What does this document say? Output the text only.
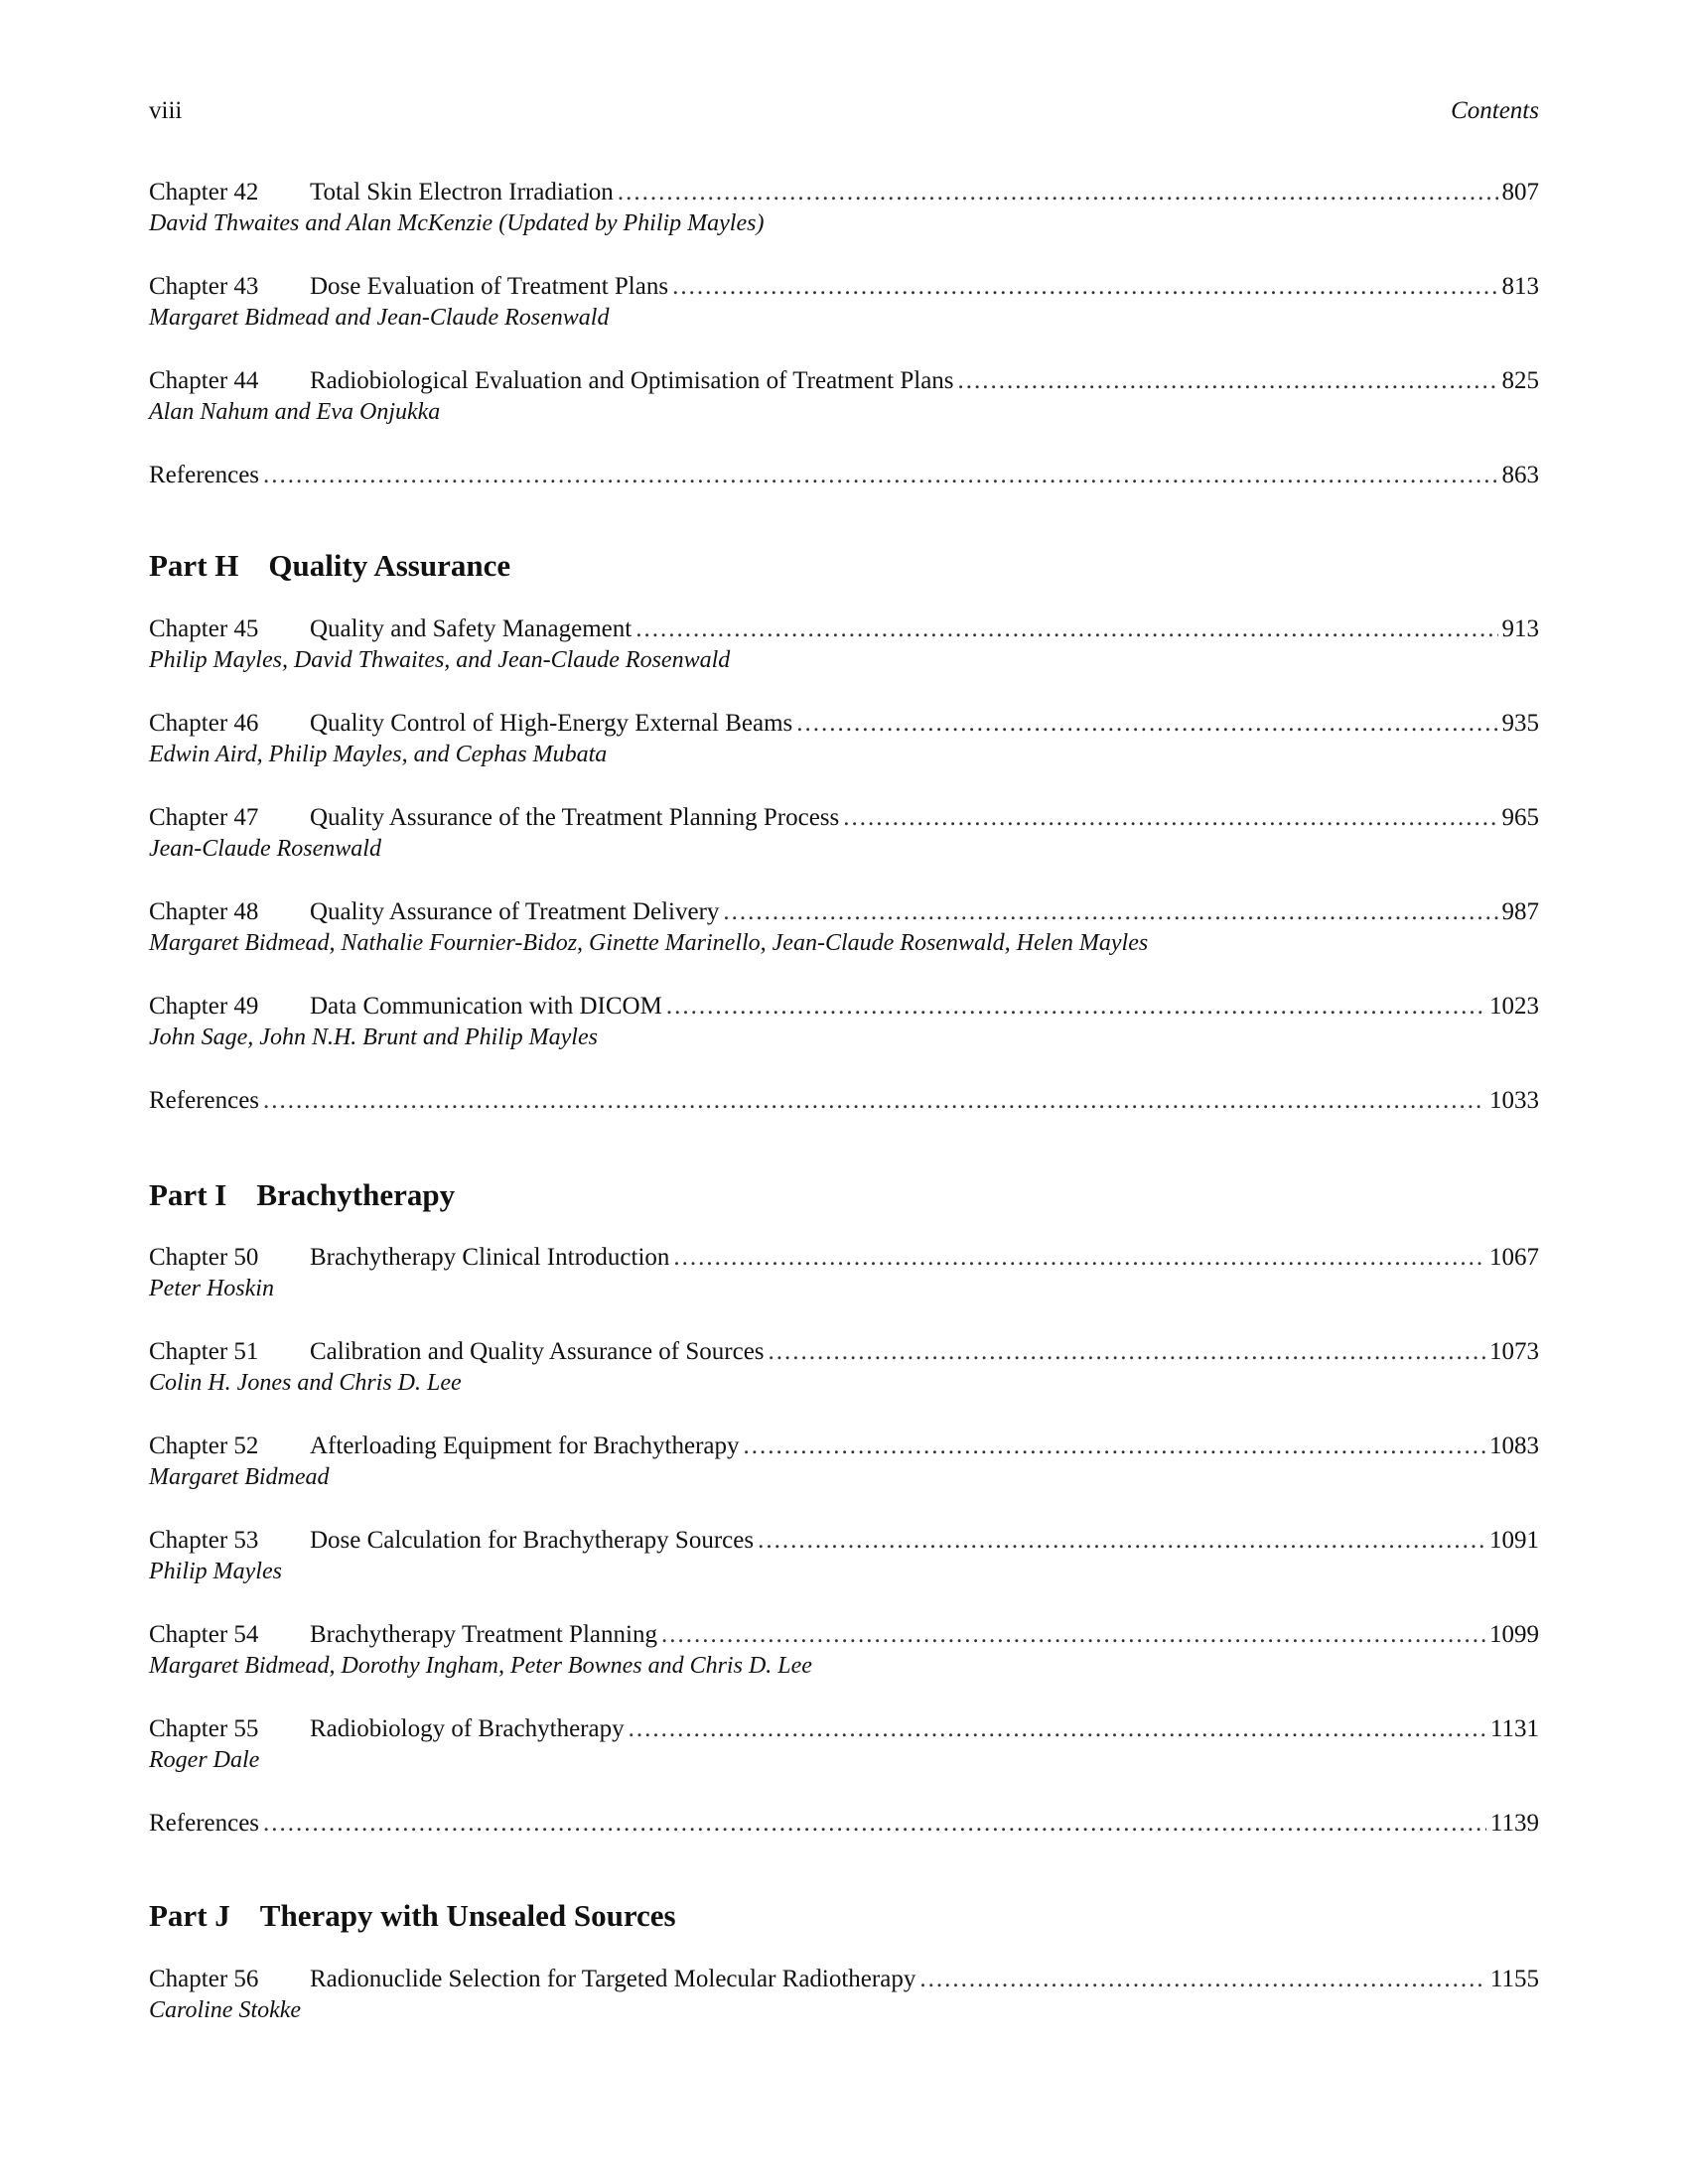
viii	Contents
Chapter 42 Total Skin Electron Irradiation .....	807
David Thwaites and Alan McKenzie (Updated by Philip Mayles)
Chapter 43 Dose Evaluation of Treatment Plans .....	813
Margaret Bidmead and Jean-Claude Rosenwald
Chapter 44 Radiobiological Evaluation and Optimisation of Treatment Plans .....	825
Alan Nahum and Eva Onjukka
References .....	863
Part H Quality Assurance
Chapter 45 Quality and Safety Management .....	913
Philip Mayles, David Thwaites, and Jean-Claude Rosenwald
Chapter 46 Quality Control of High-Energy External Beams .....	935
Edwin Aird, Philip Mayles, and Cephas Mubata
Chapter 47 Quality Assurance of the Treatment Planning Process .....	965
Jean-Claude Rosenwald
Chapter 48 Quality Assurance of Treatment Delivery .....	987
Margaret Bidmead, Nathalie Fournier-Bidoz, Ginette Marinello, Jean-Claude Rosenwald, Helen Mayles
Chapter 49 Data Communication with DICOM .....	1023
John Sage, John N.H. Brunt and Philip Mayles
References .....	1033
Part I Brachytherapy
Chapter 50 Brachytherapy Clinical Introduction .....	1067
Peter Hoskin
Chapter 51 Calibration and Quality Assurance of Sources .....	1073
Colin H. Jones and Chris D. Lee
Chapter 52 Afterloading Equipment for Brachytherapy .....	1083
Margaret Bidmead
Chapter 53 Dose Calculation for Brachytherapy Sources .....	1091
Philip Mayles
Chapter 54 Brachytherapy Treatment Planning .....	1099
Margaret Bidmead, Dorothy Ingham, Peter Bownes and Chris D. Lee
Chapter 55 Radiobiology of Brachytherapy .....	1131
Roger Dale
References .....	1139
Part J Therapy with Unsealed Sources
Chapter 56 Radionuclide Selection for Targeted Molecular Radiotherapy .....	1155
Caroline Stokke
